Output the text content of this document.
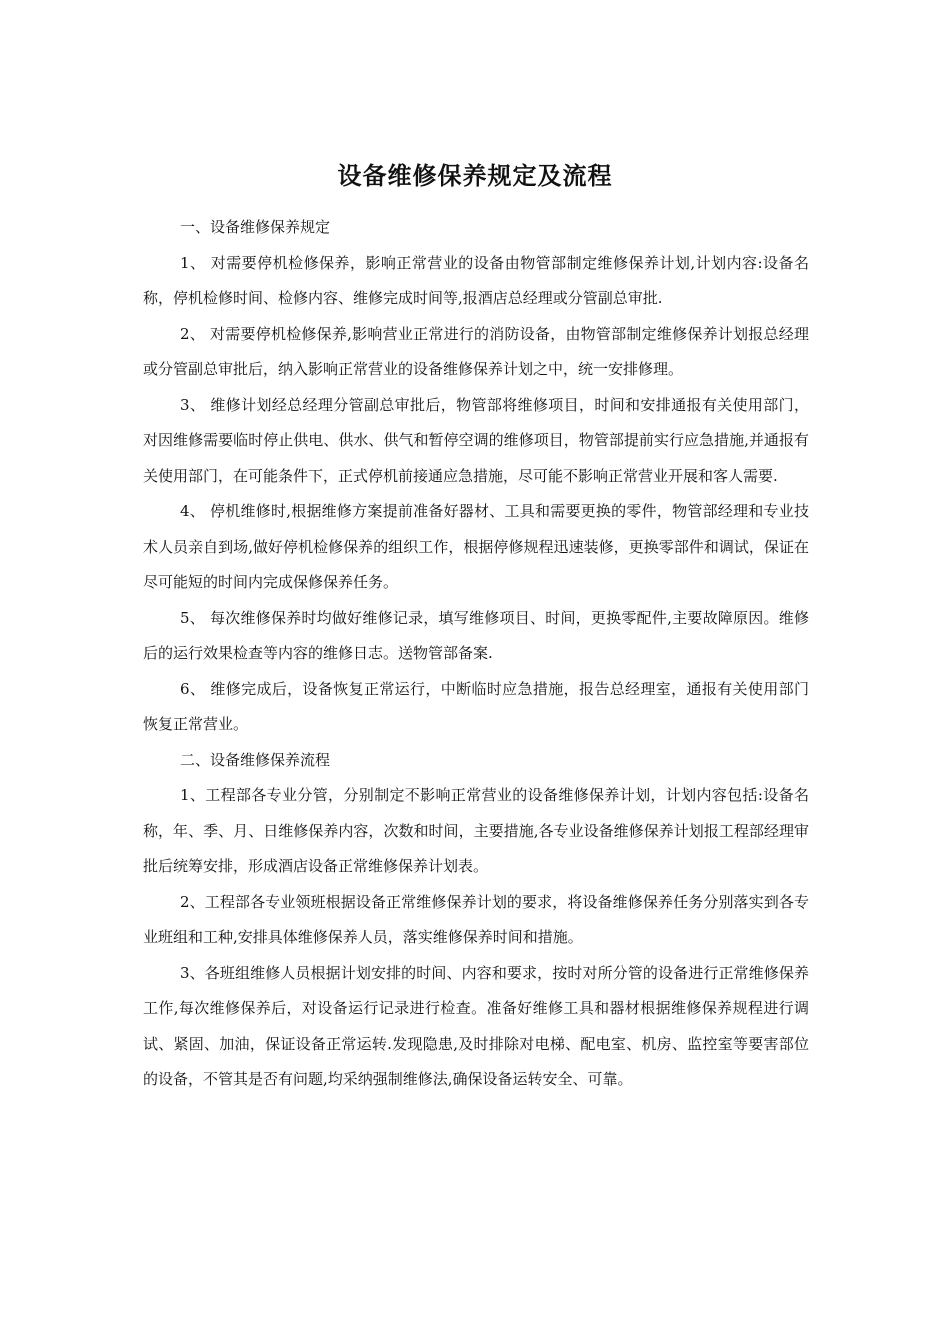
设备维修保养规定及流程

一、设备维修保养规定

1、 对需要停机检修保养，影响正常营业的设备由物管部制定维修保养计划,计划内容:设备名称，停机检修时间、检修内容、维修完成时间等,报酒店总经理或分管副总审批.

2、 对需要停机检修保养,影响营业正常进行的消防设备，由物管部制定维修保养计划报总经理或分管副总审批后，纳入影响正常营业的设备维修保养计划之中，统一安排修理。

3、 维修计划经总经理分管副总审批后，物管部将维修项目，时间和安排通报有关使用部门，对因维修需要临时停止供电、供水、供气和暂停空调的维修项目，物管部提前实行应急措施,并通报有关使用部门，在可能条件下，正式停机前接通应急措施，尽可能不影响正常营业开展和客人需要.

4、 停机维修时,根据维修方案提前准备好器材、工具和需要更换的零件，物管部经理和专业技术人员亲自到场,做好停机检修保养的组织工作，根据停修规程迅速装修，更换零部件和调试，保证在尽可能短的时间内完成保修保养任务。

5、 每次维修保养时均做好维修记录，填写维修项目、时间，更换零配件,主要故障原因。维修后的运行效果检查等内容的维修日志。送物管部备案.

6、 维修完成后，设备恢复正常运行，中断临时应急措施，报告总经理室，通报有关使用部门恢复正常营业。

二、设备维修保养流程

1、工程部各专业分管，分别制定不影响正常营业的设备维修保养计划，计划内容包括:设备名称，年、季、月、日维修保养内容，次数和时间，主要措施,各专业设备维修保养计划报工程部经理审批后统筹安排，形成酒店设备正常维修保养计划表。

2、工程部各专业领班根据设备正常维修保养计划的要求，将设备维修保养任务分别落实到各专业班组和工种,安排具体维修保养人员，落实维修保养时间和措施。

3、各班组维修人员根据计划安排的时间、内容和要求，按时对所分管的设备进行正常维修保养工作,每次维修保养后，对设备运行记录进行检查。准备好维修工具和器材根据维修保养规程进行调试、紧固、加油，保证设备正常运转.发现隐患,及时排除对电梯、配电室、机房、监控室等要害部位的设备，不管其是否有问题,均采纳强制维修法,确保设备运转安全、可靠。
